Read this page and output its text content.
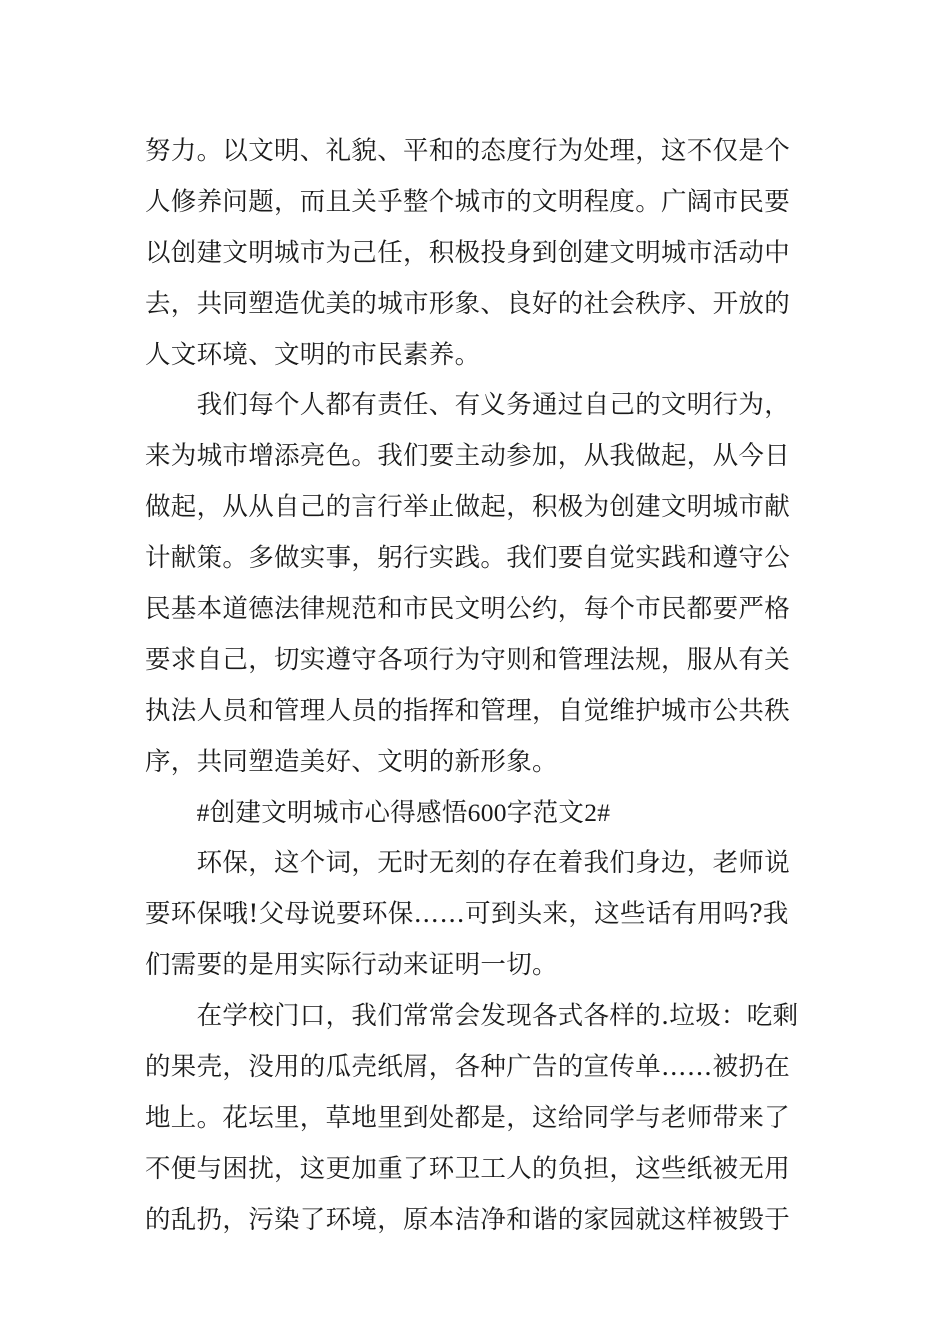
努力。以文明、礼貌、平和的态度行为处理，这不仅是个
人修养问题，而且关乎整个城市的文明程度。广阔市民要
以创建文明城市为己任，积极投身到创建文明城市活动中
去，共同塑造优美的城市形象、良好的社会秩序、开放的
人文环境、文明的市民素养。
　　我们每个人都有责任、有义务通过自己的文明行为，
来为城市增添亮色。我们要主动参加，从我做起，从今日
做起，从从自己的言行举止做起，积极为创建文明城市献
计献策。多做实事，躬行实践。我们要自觉实践和遵守公
民基本道德法律规范和市民文明公约，每个市民都要严格
要求自己，切实遵守各项行为守则和管理法规，服从有关
执法人员和管理人员的指挥和管理，自觉维护城市公共秩
序，共同塑造美好、文明的新形象。
　　#创建文明城市心得感悟600字范文2#
　　环保，这个词，无时无刻的存在着我们身边，老师说
要环保哦!父母说要环保……可到头来，这些话有用吗?我
们需要的是用实际行动来证明一切。
　　在学校门口，我们常常会发现各式各样的.垃圾：吃剩
的果壳，没用的瓜壳纸屑，各种广告的宣传单……被扔在
地上。花坛里，草地里到处都是，这给同学与老师带来了
不便与困扰，这更加重了环卫工人的负担，这些纸被无用
的乱扔，污染了环境，原本洁净和谐的家园就这样被毁于
